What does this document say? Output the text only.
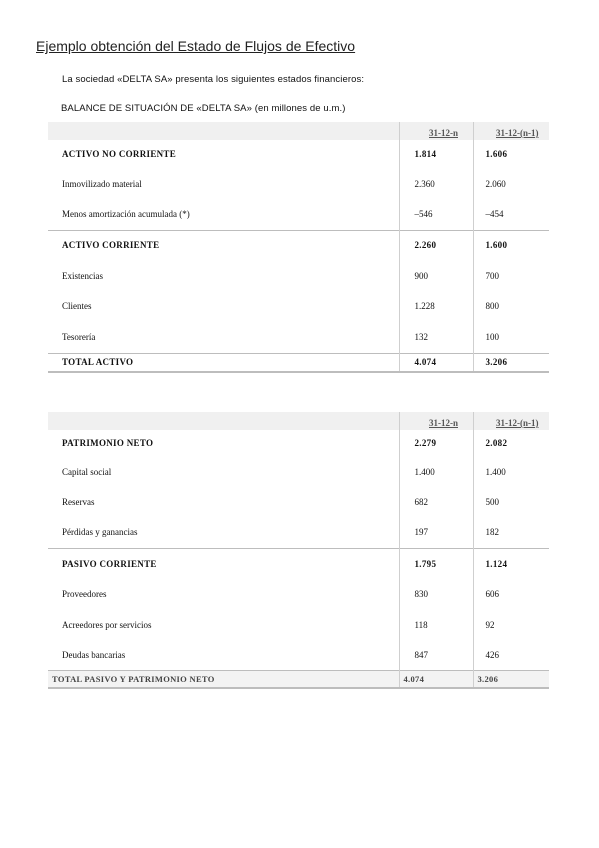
Ejemplo obtención del Estado de Flujos de Efectivo
La sociedad «DELTA SA» presenta los siguientes estados financieros:
BALANCE DE SITUACIÓN DE «DELTA SA» (en millones de u.m.)
	31-12-n	31-12-(n-1)
ACTIVO NO CORRIENTE	1.814	1.606
Inmovilizado material	2.360	2.060
Menos amortización acumulada (*)	–546	–454
ACTIVO CORRIENTE	2.260	1.600
Existencias	900	700
Clientes	1.228	800
Tesorería	132	100
TOTAL ACTIVO	4.074	3.206
	31-12-n	31-12-(n-1)
PATRIMONIO NETO	2.279	2.082
Capital social	1.400	1.400
Reservas	682	500
Pérdidas y ganancias	197	182
PASIVO CORRIENTE	1.795	1.124
Proveedores	830	606
Acreedores por servicios	118	92
Deudas bancarias	847	426
TOTAL PASIVO Y PATRIMONIO NETO	4.074	3.206
